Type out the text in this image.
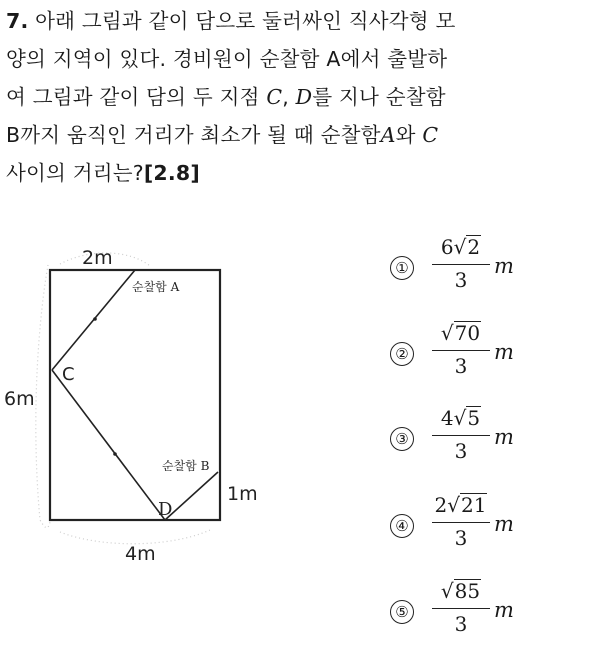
7. 아래 그림과 같이 담으로 둘러싸인 직사각형 모
양의 지역이 있다. 경비원이 순찰함 A에서 출발하
여 그림과 같이 담의 두 지점 C, D를 지나 순찰함
B까지 움직인 거리가 최소가 될 때 순찰함A와 C
사이의 거리는?[2.8]
2m
6m
1m
4m
순찰함 A
순찰함 B
C
D
①
6√2
3
m
②
√70
3
m
③
4√5
3
m
④
2√21
3
m
⑤
√85
3
m
